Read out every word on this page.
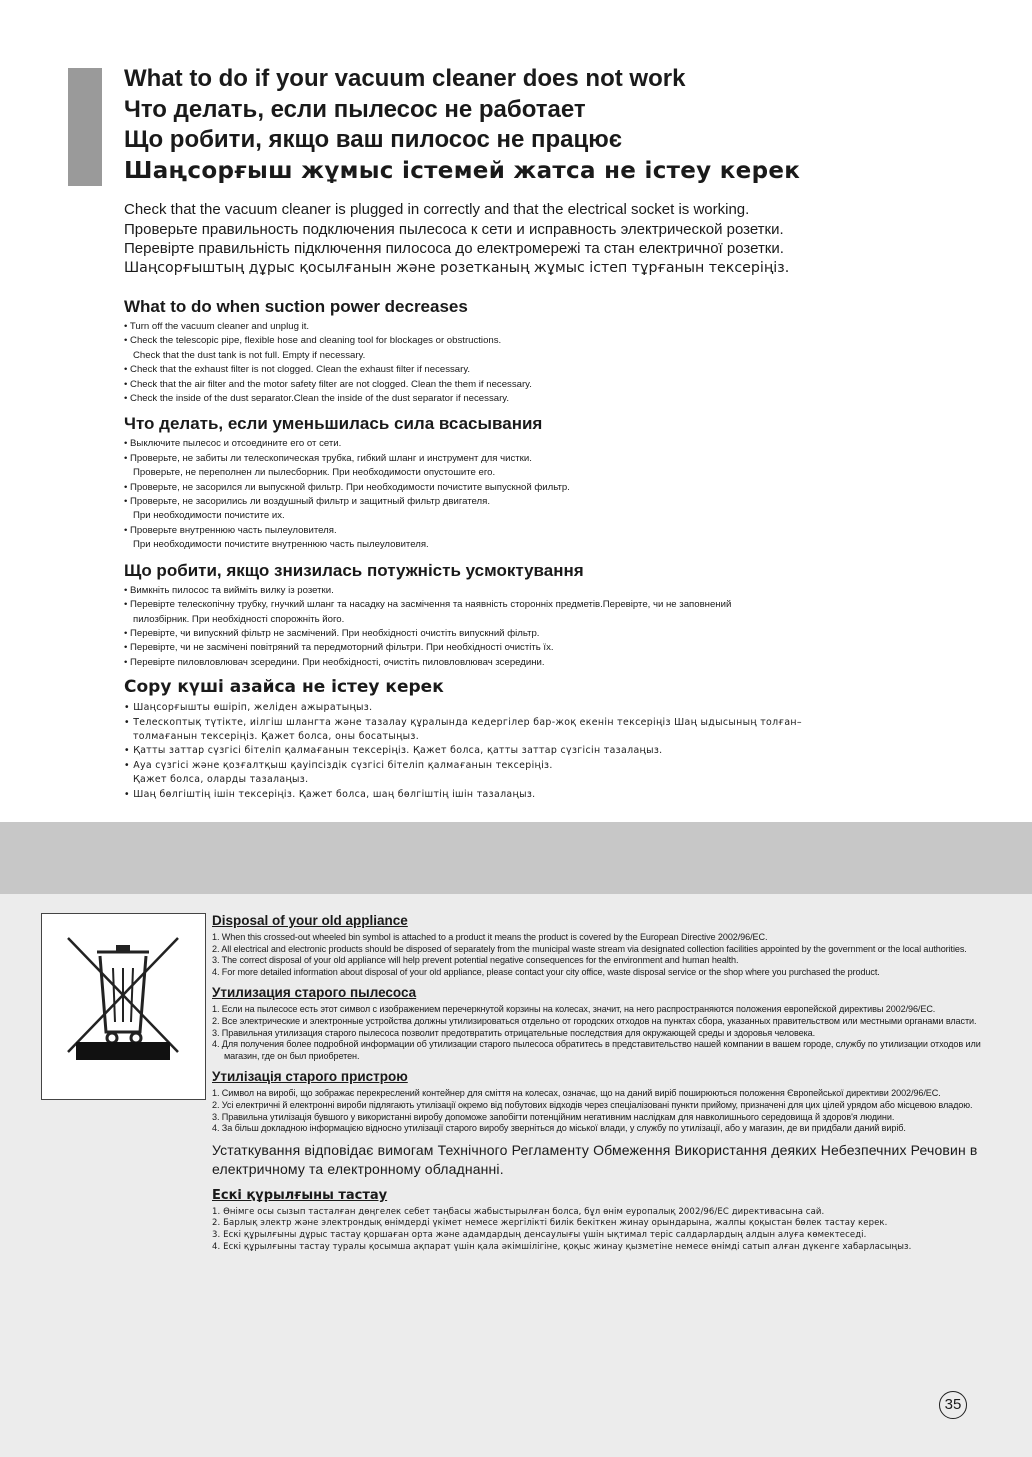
What to do if your vacuum cleaner does not work
Что делать, если пылесос не работает
Що робити, якщо ваш пилосос не працює
Шаңсорғыш жұмыс істемей жатса не істеу керек

Check that the vacuum cleaner is plugged in correctly and that the electrical socket is working.

Проверьте правильность подключения пылесоса к сети и исправность электрической розетки.

Перевірте правильність підключення пилососа до електромережі та стан електричної розетки.

Шаңсорғыштың дұрыс қосылғанын және розетканың жұмыс істеп тұрғанын тексеріңіз.

What to do when suction power decreases
• Turn off the vacuum cleaner and unplug it.
• Check the telescopic pipe, flexible hose and cleaning tool for blockages or obstructions.
Check that the dust tank is not full. Empty if necessary.
• Check that the exhaust filter is not clogged. Clean the exhaust filter if necessary.
• Check that the air filter and the motor safety filter are not clogged. Clean the them if necessary.
• Check the inside of the dust separator.Clean the inside of the dust separator if necessary.
Что делать, если уменьшилась сила всасывания
• Выключите пылесос и отсоедините его от сети.
• Проверьте, не забиты ли телескопическая трубка, гибкий шланг и инструмент для чистки.
Проверьте, не переполнен ли пылесборник. При необходимости опустошите его.
• Проверьте, не засорился ли выпускной фильтр. При необходимости почистите выпускной фильтр.
• Проверьте, не засорились ли воздушный фильтр и защитный фильтр двигателя.
При необходимости почистите их.
• Проверьте внутреннюю часть пылеуловителя.
При необходимости почистите внутреннюю часть пылеуловителя.
Що робити, якщо знизилась потужність усмоктування
• Вимкніть пилосос та вийміть вилку із розетки.
• Перевірте телескопічну трубку, гнучкий шланг та насадку на засмічення та наявність сторонніх предметів.Перевірте, чи не заповнений
пилозбірник. При необхідності спорожніть його.
• Перевірте, чи випускний фільтр не засмічений. При необхідності очистіть випускний фільтр.
• Перевірте, чи не засмічені повітряний та передмоторний фільтри. При необхідності очистіть їх.
• Перевірте пиловловлювач зсередини. При необхідності, очистіть пиловловлювач зсередини.
Сору күші азайса не істеу керек
• Шаңсорғышты өшіріп, желіден ажыратыңыз.
• Телескоптық түтікте, иілгіш шлангта және тазалау құралында кедергілер бар-жоқ екенін тексеріңіз Шаң ыдысының толған–
толмағанын тексеріңіз. Қажет болса, оны босатыңыз.
• Қатты заттар сүзгісі бітеліп қалмағанын тексеріңіз. Қажет болса, қатты заттар сүзгісін тазалаңыз.
• Ауа сүзгісі және қозғалтқыш қауіпсіздік сүзгісі бітеліп қалмағанын тексеріңіз.
Қажет болса, оларды тазалаңыз.
• Шаң бөлгіштің ішін тексеріңіз. Қажет болса, шаң бөлгіштің ішін тазалаңыз.
Disposal of your old appliance
1. When this crossed-out wheeled bin symbol is attached to a product it means the product is covered by the European Directive 2002/96/EC.
2. All electrical and electronic products should be disposed of separately from the municipal waste stream via designated collection facilities appointed by the government or the local authorities.
3. The correct disposal of your old appliance will help prevent potential negative consequences for the environment and human health.
4. For more detailed information about disposal of your old appliance, please contact your city office, waste disposal service or the shop where you purchased the product.
Утилизация старого пылесоса
1. Если на пылесосе есть этот символ с изображением перечеркнутой корзины на колесах, значит, на него распространяются положения европейской директивы 2002/96/EC.
2. Все электрические и электронные устройства должны утилизироваться отдельно от городских отходов на пунктах сбора, указанных правительством или местными органами власти.
3. Правильная утилизация старого пылесоса позволит предотвратить отрицательные последствия для окружающей среды и здоровья человека.
4. Для получения более подробной информации об утилизации старого пылесоса обратитесь в представительство нашей компании в вашем городе, службу по утилизации отходов или магазин, где он был приобретен.
Утилізація старого пристрою
1. Символ на виробі, що зображає перекреслений контейнер для сміття на колесах, означає, що на даний виріб поширюються положення Європейської директиви 2002/96/EC.
2. Усі електричні й електронні вироби підлягають утилізації окремо від побутових відходів через спеціалізовані пункти прийому, призначені для цих цілей урядом або місцевою владою.
3. Правильна утилізація бувшого у використанні виробу допоможе запобігти потенційним негативним наслідкам для навколишнього середовища й здоров'я людини.
4. За більш докладною інформацією відносно утилізації старого виробу зверніться до міської влади, у службу по утилізації, або у магазин, де ви придбали даний виріб.

Устаткування відповідає вимогам Технічного Регламенту Обмеження Використання деяких Небезпечних Речовин в електричному та електронному обладнанні.

Ескі құрылғыны тастау
1. Өнімге осы сызып тасталған дөңгелек себет таңбасы жабыстырылған болса, бұл өнім еуропалық 2002/96/ЕС директивасына сай.
2. Барлық электр және электрондық өнімдерді үкімет немесе жергілікті билік бекіткен жинау орындарына, жалпы қоқыстан бөлек тастау керек.
3. Ескі құрылғыны дұрыс тастау қоршаған орта және адамдардың денсаулығы үшін ықтимал теріс салдарлардың алдын алуға көмектеседі.
4. Ескі құрылғыны тастау туралы қосымша ақпарат үшін қала әкімшілігіне, қоқыс жинау қызметіне немесе өнімді сатып алған дүкенге хабарласыңыз.
35
